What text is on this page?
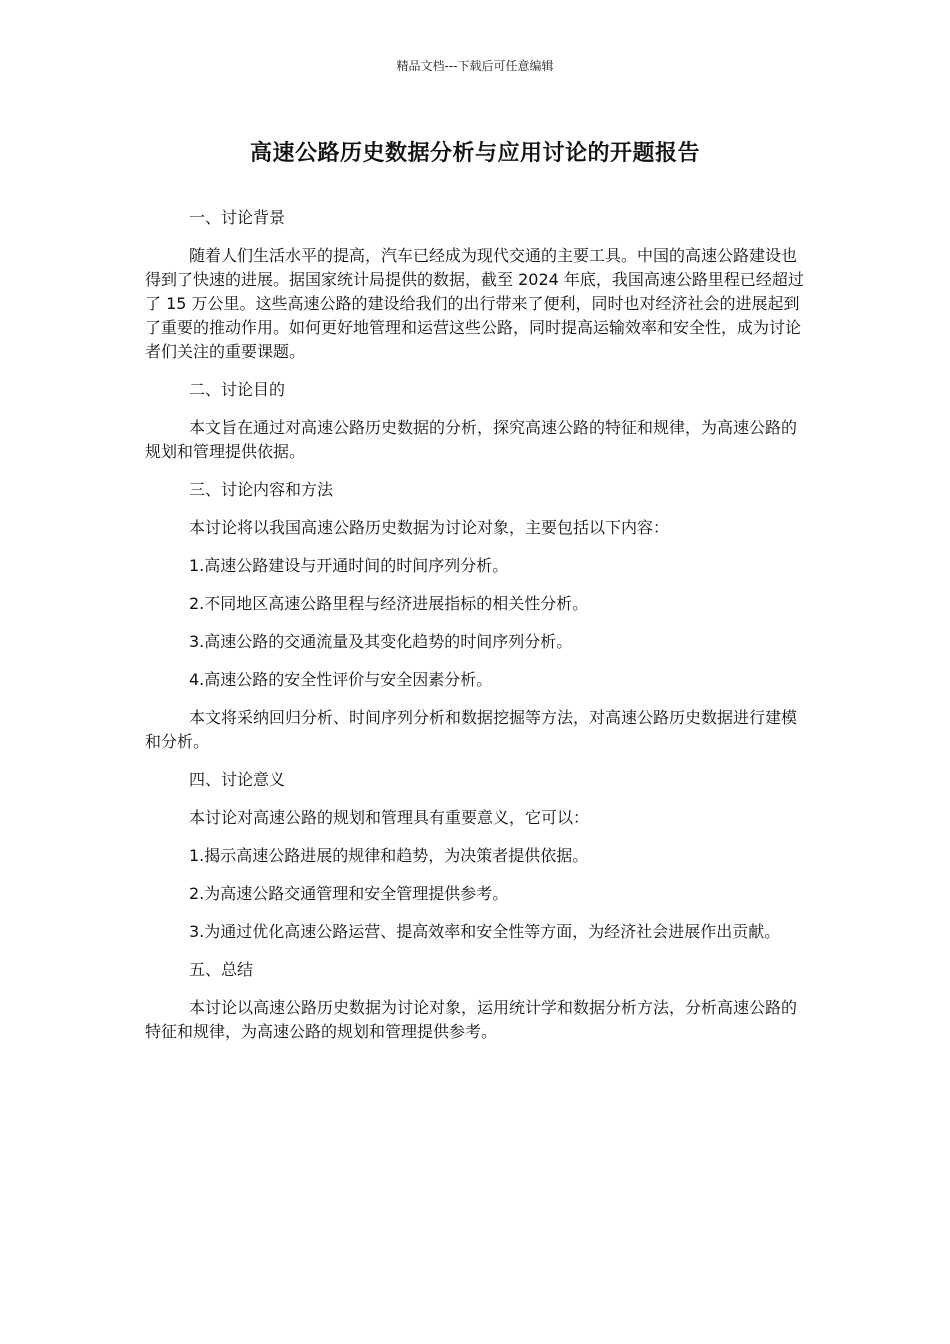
精品文档---下载后可任意编辑
高速公路历史数据分析与应用讨论的开题报告

一、讨论背景

随着人们生活水平的提高，汽车已经成为现代交通的主要工具。中国的高速公路建设也得到了快速的进展。据国家统计局提供的数据，截至 2024 年底，我国高速公路里程已经超过了 15 万公里。这些高速公路的建设给我们的出行带来了便利，同时也对经济社会的进展起到了重要的推动作用。如何更好地管理和运营这些公路，同时提高运输效率和安全性，成为讨论者们关注的重要课题。

二、讨论目的

本文旨在通过对高速公路历史数据的分析，探究高速公路的特征和规律，为高速公路的规划和管理提供依据。

三、讨论内容和方法

本讨论将以我国高速公路历史数据为讨论对象，主要包括以下内容：

1.高速公路建设与开通时间的时间序列分析。

2.不同地区高速公路里程与经济进展指标的相关性分析。

3.高速公路的交通流量及其变化趋势的时间序列分析。

4.高速公路的安全性评价与安全因素分析。

本文将采纳回归分析、时间序列分析和数据挖掘等方法，对高速公路历史数据进行建模和分析。

四、讨论意义

本讨论对高速公路的规划和管理具有重要意义，它可以：

1.揭示高速公路进展的规律和趋势，为决策者提供依据。

2.为高速公路交通管理和安全管理提供参考。

3.为通过优化高速公路运营、提高效率和安全性等方面，为经济社会进展作出贡献。

五、总结

本讨论以高速公路历史数据为讨论对象，运用统计学和数据分析方法，分析高速公路的特征和规律，为高速公路的规划和管理提供参考。
